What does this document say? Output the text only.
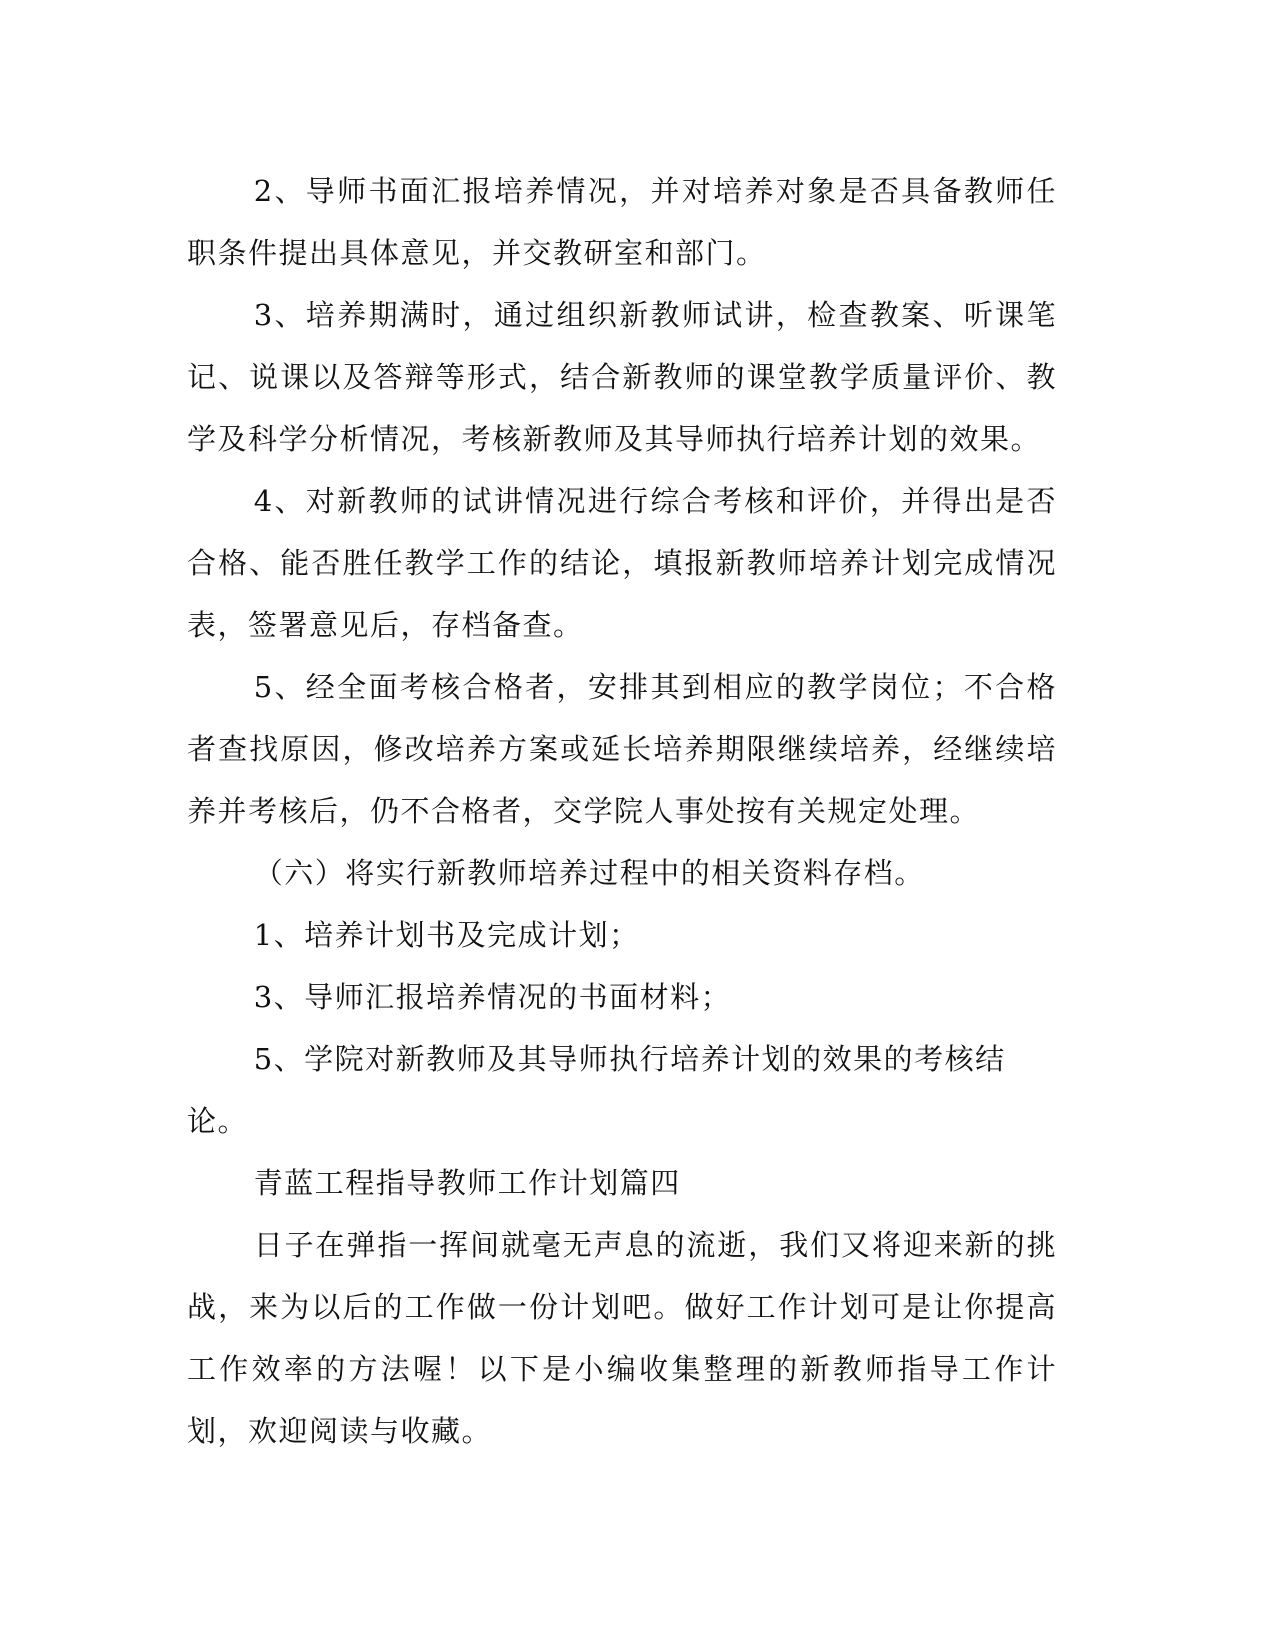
2、导师书面汇报培养情况，并对培养对象是否具备教师任职条件提出具体意见，并交教研室和部门。

3、培养期满时，通过组织新教师试讲，检查教案、听课笔记、说课以及答辩等形式，结合新教师的课堂教学质量评价、教学及科学分析情况，考核新教师及其导师执行培养计划的效果。

4、对新教师的试讲情况进行综合考核和评价，并得出是否合格、能否胜任教学工作的结论，填报新教师培养计划完成情况表，签署意见后，存档备查。

5、经全面考核合格者，安排其到相应的教学岗位；不合格者查找原因，修改培养方案或延长培养期限继续培养，经继续培养并考核后，仍不合格者，交学院人事处按有关规定处理。

（六）将实行新教师培养过程中的相关资料存档。

1、培养计划书及完成计划；

3、导师汇报培养情况的书面材料；

5、学院对新教师及其导师执行培养计划的效果的考核结论。

青蓝工程指导教师工作计划篇四

日子在弹指一挥间就毫无声息的流逝，我们又将迎来新的挑战，来为以后的工作做一份计划吧。做好工作计划可是让你提高工作效率的方法喔！以下是小编收集整理的新教师指导工作计划，欢迎阅读与收藏。
